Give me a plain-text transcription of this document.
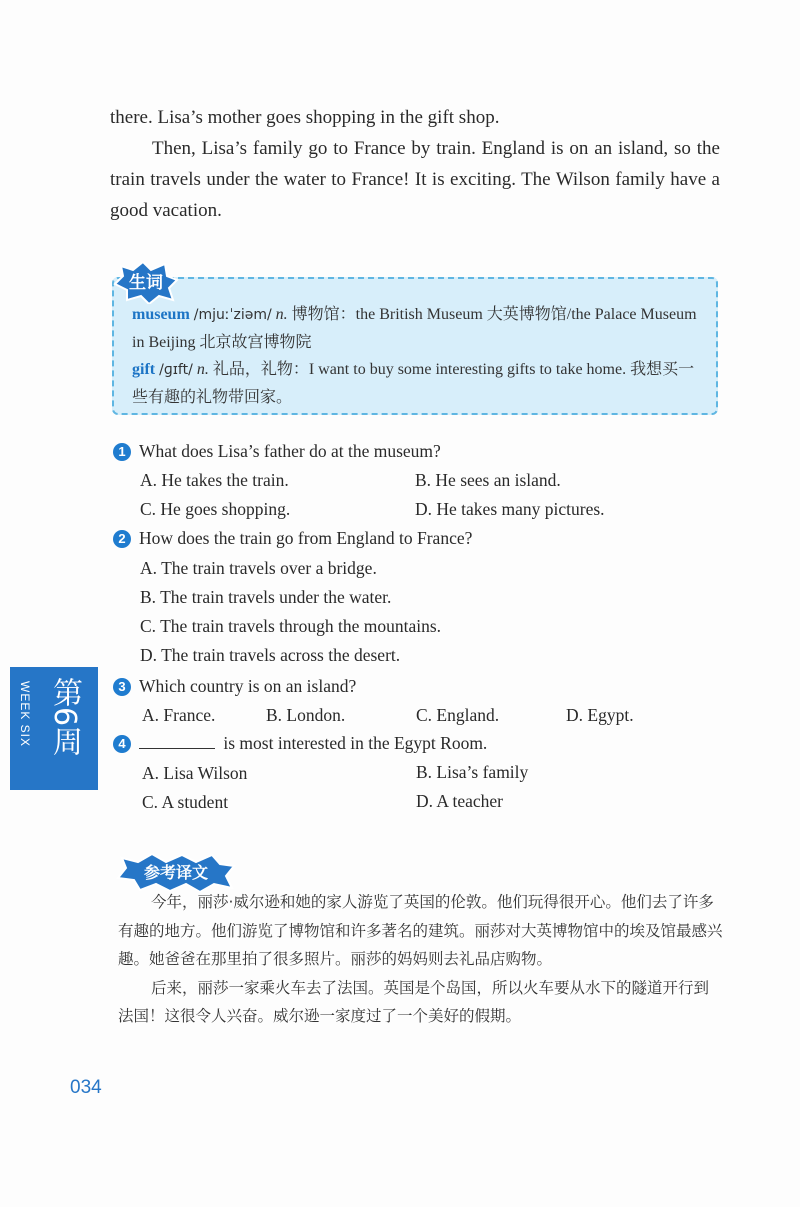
there. Lisa’s mother goes shopping in the gift shop.

Then, Lisa’s family go to France by train. England is on an island, so the train travels under the water to France! It is exciting. The Wilson family have a good vacation.

生词

museum /mjuːˈziəm/ n. 博物馆：the British Museum 大英博物馆/the Palace Museum in Beijing 北京故宫博物院

gift /ɡɪft/ n. 礼品，礼物：I want to buy some interesting gifts to take home. 我想买一些有趣的礼物带回家。

1 What does Lisa’s father do at the museum?
A. He takes the train.	B. He sees an island.
C. He goes shopping.	D. He takes many pictures.
2 How does the train go from England to France?
A. The train travels over a bridge.
B. The train travels under the water.
C. The train travels through the mountains.
D. The train travels across the desert.
WEEK SIX 第6周	3 Which country is on an island?
A. France.	B. London.	C. England.	D. Egypt.
4	is most interested in the Egypt Room.
A. Lisa Wilson	B. Lisa’s family
C. A student	D. A teacher
参考译文

今年，丽莎·威尔逊和她的家人游览了英国的伦敦。他们玩得很开心。他们去了许多有趣的地方。他们游览了博物馆和许多著名的建筑。丽莎对大英博物馆中的埃及馆最感兴趣。她爸爸在那里拍了很多照片。丽莎的妈妈则去礼品店购物。

后来，丽莎一家乘火车去了法国。英国是个岛国，所以火车要从水下的隧道开行到法国！这很令人兴奋。威尔逊一家度过了一个美好的假期。

034
